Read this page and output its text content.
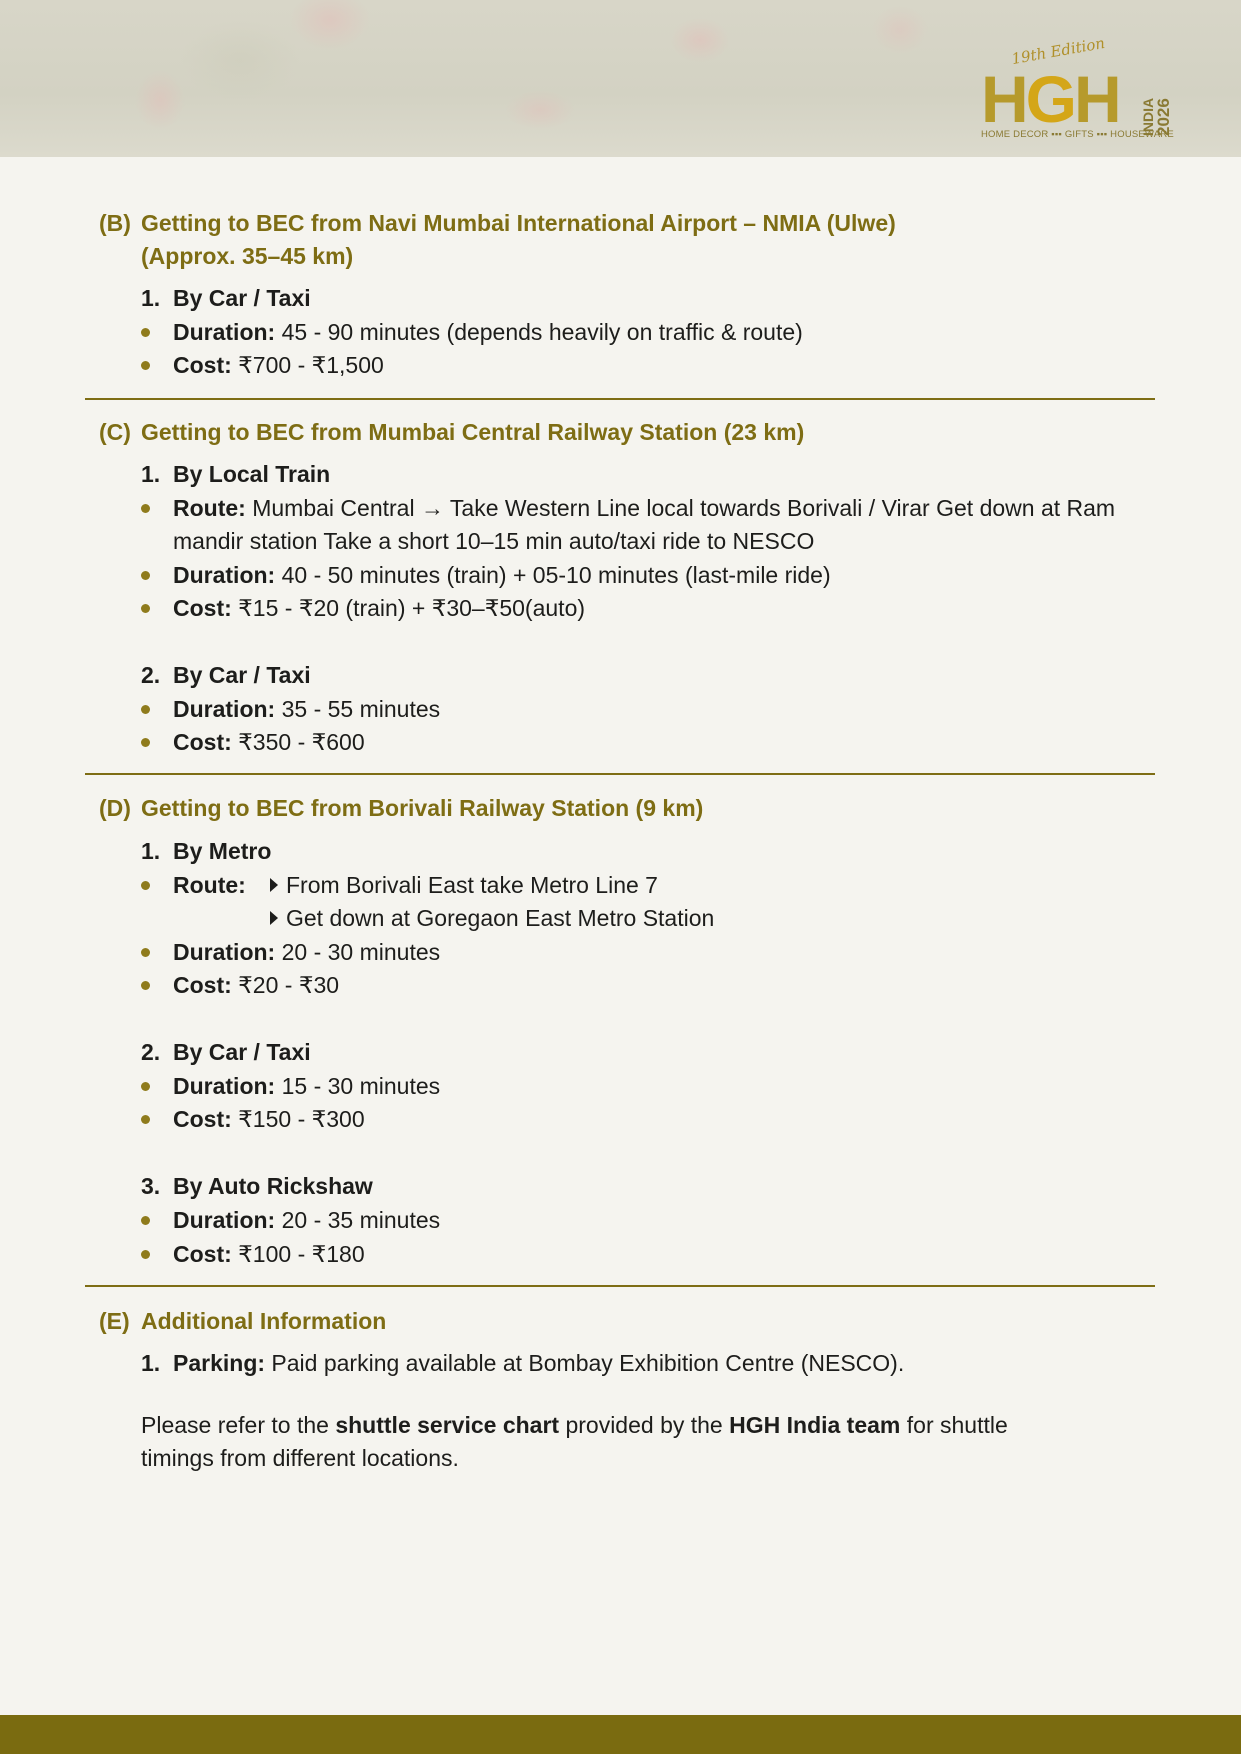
19th Edition
HGH INDIA 2026
HOME DECOR ▪▪▪ GIFTS ▪▪▪ HOUSEWARE
(B) Getting to BEC from Navi Mumbai International Airport – NMIA (Ulwe)
(Approx. 35–45 km)
1. By Car / Taxi
Duration: 45 - 90 minutes (depends heavily on traffic & route)
Cost: ₹700 - ₹1,500
(C) Getting to BEC from Mumbai Central Railway Station (23 km)
1. By Local Train
Route: Mumbai Central → Take Western Line local towards Borivali / Virar Get down at Ram mandir station Take a short 10–15 min auto/taxi ride to NESCO
Duration: 40 - 50 minutes (train) + 05-10 minutes (last-mile ride)
Cost: ₹15 - ₹20 (train) + ₹30–₹50(auto)
2. By Car / Taxi
Duration: 35 - 55 minutes
Cost: ₹350 - ₹600
(D) Getting to BEC from Borivali Railway Station (9 km)
1. By Metro
Route:	From Borivali East take Metro Line 7
Get down at Goregaon East Metro Station
Duration: 20 - 30 minutes
Cost: ₹20 - ₹30
2. By Car / Taxi
Duration: 15 - 30 minutes
Cost: ₹150 - ₹300
3. By Auto Rickshaw
Duration: 20 - 35 minutes
Cost: ₹100 - ₹180
(E) Additional Information
1. Parking: Paid parking available at Bombay Exhibition Centre (NESCO).
Please refer to the shuttle service chart provided by the HGH India team for shuttle timings from different locations.
